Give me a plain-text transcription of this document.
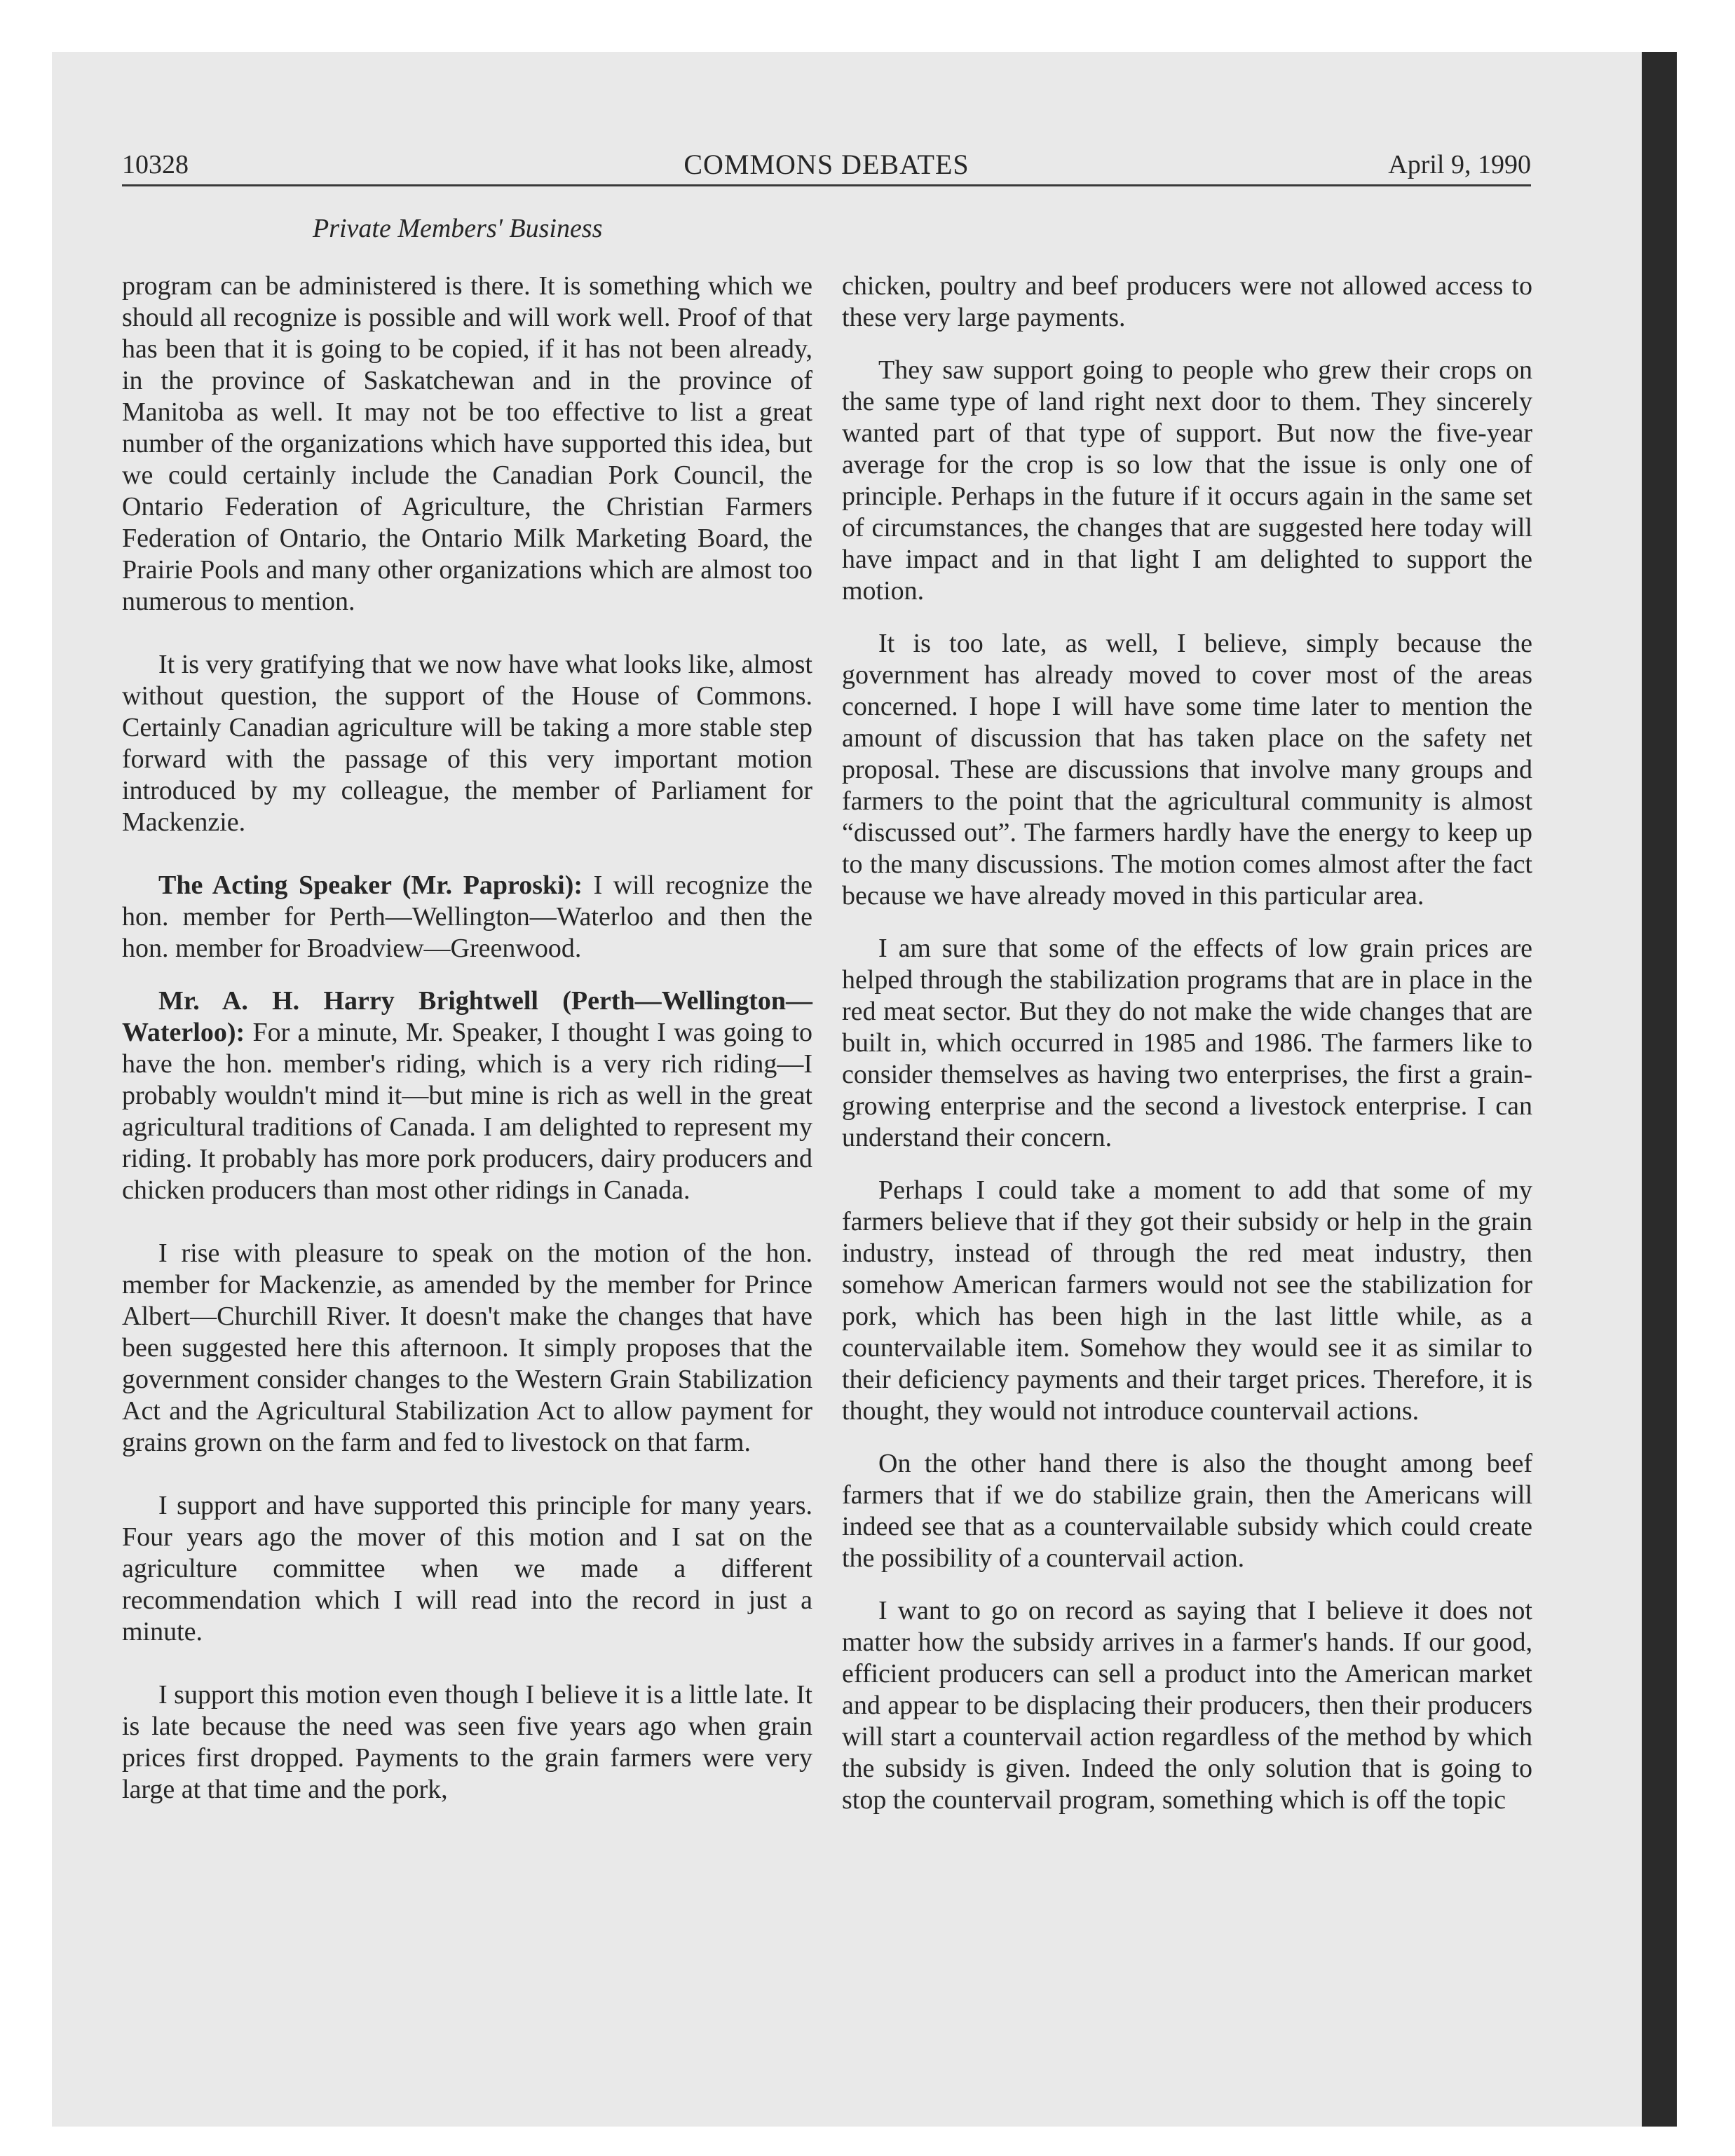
10328	COMMONS DEBATES	April 9, 1990
Private Members' Business

program can be administered is there. It is something which we should all recognize is possible and will work well. Proof of that has been that it is going to be copied, if it has not been already, in the province of Saskatchewan and in the province of Manitoba as well. It may not be too effective to list a great number of the organizations which have supported this idea, but we could certainly include the Canadian Pork Council, the Ontario Federation of Agriculture, the Christian Farmers Federation of Ontario, the Ontario Milk Marketing Board, the Prairie Pools and many other organizations which are almost too numerous to mention.

It is very gratifying that we now have what looks like, almost without question, the support of the House of Commons. Certainly Canadian agriculture will be taking a more stable step forward with the passage of this very important motion introduced by my colleague, the member of Parliament for Mackenzie.

The Acting Speaker (Mr. Paproski): I will recognize the hon. member for Perth—Wellington—Waterloo and then the hon. member for Broadview—Greenwood.

Mr. A. H. Harry Brightwell (Perth—Wellington—Waterloo): For a minute, Mr. Speaker, I thought I was going to have the hon. member's riding, which is a very rich riding—I probably wouldn't mind it—but mine is rich as well in the great agricultural traditions of Canada. I am delighted to represent my riding. It probably has more pork producers, dairy producers and chicken producers than most other ridings in Canada.

I rise with pleasure to speak on the motion of the hon. member for Mackenzie, as amended by the member for Prince Albert—Churchill River. It doesn't make the changes that have been suggested here this afternoon. It simply proposes that the government consider changes to the Western Grain Stabilization Act and the Agricultural Stabilization Act to allow payment for grains grown on the farm and fed to livestock on that farm.

I support and have supported this principle for many years. Four years ago the mover of this motion and I sat on the agriculture committee when we made a different recommendation which I will read into the record in just a minute.

I support this motion even though I believe it is a little late. It is late because the need was seen five years ago when grain prices first dropped. Payments to the grain farmers were very large at that time and the pork,

chicken, poultry and beef producers were not allowed access to these very large payments.

They saw support going to people who grew their crops on the same type of land right next door to them. They sincerely wanted part of that type of support. But now the five-year average for the crop is so low that the issue is only one of principle. Perhaps in the future if it occurs again in the same set of circumstances, the changes that are suggested here today will have impact and in that light I am delighted to support the motion.

It is too late, as well, I believe, simply because the government has already moved to cover most of the areas concerned. I hope I will have some time later to mention the amount of discussion that has taken place on the safety net proposal. These are discussions that involve many groups and farmers to the point that the agricultural community is almost “discussed out”. The farmers hardly have the energy to keep up to the many discussions. The motion comes almost after the fact because we have already moved in this particular area.

I am sure that some of the effects of low grain prices are helped through the stabilization programs that are in place in the red meat sector. But they do not make the wide changes that are built in, which occurred in 1985 and 1986. The farmers like to consider themselves as having two enterprises, the first a grain-growing enterprise and the second a livestock enterprise. I can understand their concern.

Perhaps I could take a moment to add that some of my farmers believe that if they got their subsidy or help in the grain industry, instead of through the red meat industry, then somehow American farmers would not see the stabilization for pork, which has been high in the last little while, as a countervailable item. Somehow they would see it as similar to their deficiency payments and their target prices. Therefore, it is thought, they would not introduce countervail actions.

On the other hand there is also the thought among beef farmers that if we do stabilize grain, then the Americans will indeed see that as a countervailable subsidy which could create the possibility of a countervail action.

I want to go on record as saying that I believe it does not matter how the subsidy arrives in a farmer's hands. If our good, efficient producers can sell a product into the American market and appear to be displacing their producers, then their producers will start a countervail action regardless of the method by which the subsidy is given. Indeed the only solution that is going to stop the countervail program, something which is off the topic
